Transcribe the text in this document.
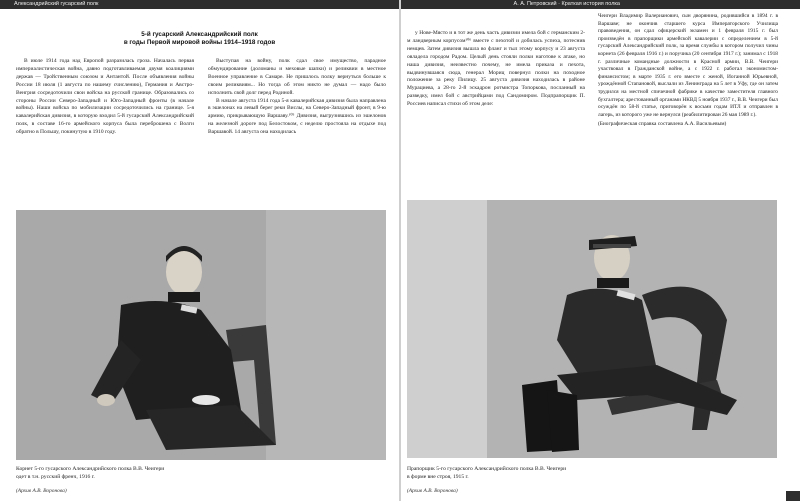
Александрийский гусарский полк
5-й гусарский Александрийский полк
в годы Первой мировой войны 1914–1918 годов

В июле 1914 года над Европой разразилась гроза. Началась первая империалистическая война, давно подготавливаемая двумя коалициями держав — Тройственным союзом и Антантой. После объявления войны России 18 июля (1 августа по нашему счислению), Германия и Австро-Венгрия сосредоточили свои войска на русской границе. Образовались со стороны России Северо-Западный и Юго-Западный фронты (в начале войны). Наши войска по мобилизации сосредоточились на границе. 5-я кавалерийская дивизия, в которую входил 5-й гусарский Александрийский полк, в составе 16-го армейского корпуса была переброшена с Волги обратно в Польшу, покинутую в 1910 году.

Выступая на войну, полк сдал свое имущество, парадное обмундирование (доломаны и меховые шапки) и реликвии в местное Военное управление в Самаре. Не пришлось полку вернуться больше к своим реликвиям... Но тогда об этом никто не думал — надо было исполнить свой долг перед Родиной.

В начале августа 1914 года 5-я кавалерийская дивизия была направлена в эшелонах на левый берег реки Вислы, на Северо-Западный фронт, в 9-ю армию, прикрывающую Варшаву.¹⁰⁵ Дивизия, выгрузившись из эшелонов на железной дороге под Белостоком, с неделю простояла на отдыхе под Варшавой. 14 августа она находилась

Корнет 5-го гусарского Александрийского полка В.В. Чеигери
одет в т.н. русский френч, 1916 г.
(Архив А.В. Воронова)
А. А. Петровский · Краткая история полка

у Нове-Място и в тот же день часть дивизии имела бой с германским 2-м ландверным корпусом¹⁰⁶ вместе с пехотой и добилась успеха, потеснив немцев. Затем дивизия вышла во фланг и тыл этому корпусу и 23 августа овладела городом Радом. Целый день стояли полки наготове к атаке, но наша дивизия, неизвестно почему, не имела приказа и пехота, выдвинувшаяся сюда, генерал Мориц повернул полки на походное положение за реку Пилицу. 25 августа дивизия находилась в районе Мурациева, а 28-го 2-й эскадрон ротмистра Топоркова, посланный на разведку, имел бой с австрийцами под Сандомиром. Подпрапорщик П. Россиев написал стихи об этом деле:

Чеигери Владимир Валерианович, сын дворянина, родившийся в 1894 г. в Варшаве; не окончив старшего курса Императорского Училища правоведения, он сдал офицерский экзамен и 1 февраля 1915 г. был произведён в прапорщики армейской кавалерии с определением в 5-й гусарский Александрийский полк, за время службы в котором получил чины корнета (26 февраля 1916 г.) и поручика (20 сентября 1917 г.); занимал с 1918 г. различные командные должности в Красной армии, В.В. Чеигери участвовал в Гражданской войне, а с 1922 г. работал экономистом-финансистом; в марте 1935 г. его вместе с женой, Иоганной Юрьевной, урождённой Стапановой, выслали из Ленинграда на 5 лет в Уфу, где он затем трудился на местной спичечной фабрике в качестве заместителя главного бухгалтера; арестованный органами НКВД 5 ноября 1937 г., В.В. Чеигери был осуждён по 58-й статье, приговорён к восьми годам ИТЛ и отправлен в лагерь, из которого уже не вернулся (реабилитирован 26 мая 1989 г.).

(Биографическая справка составлена А.А. Васильевым)

Прапорщик 5-го гусарского Александрийского полка В.В. Чеигери
в форме вне строя, 1915 г.
(Архив А.В. Воронова)
